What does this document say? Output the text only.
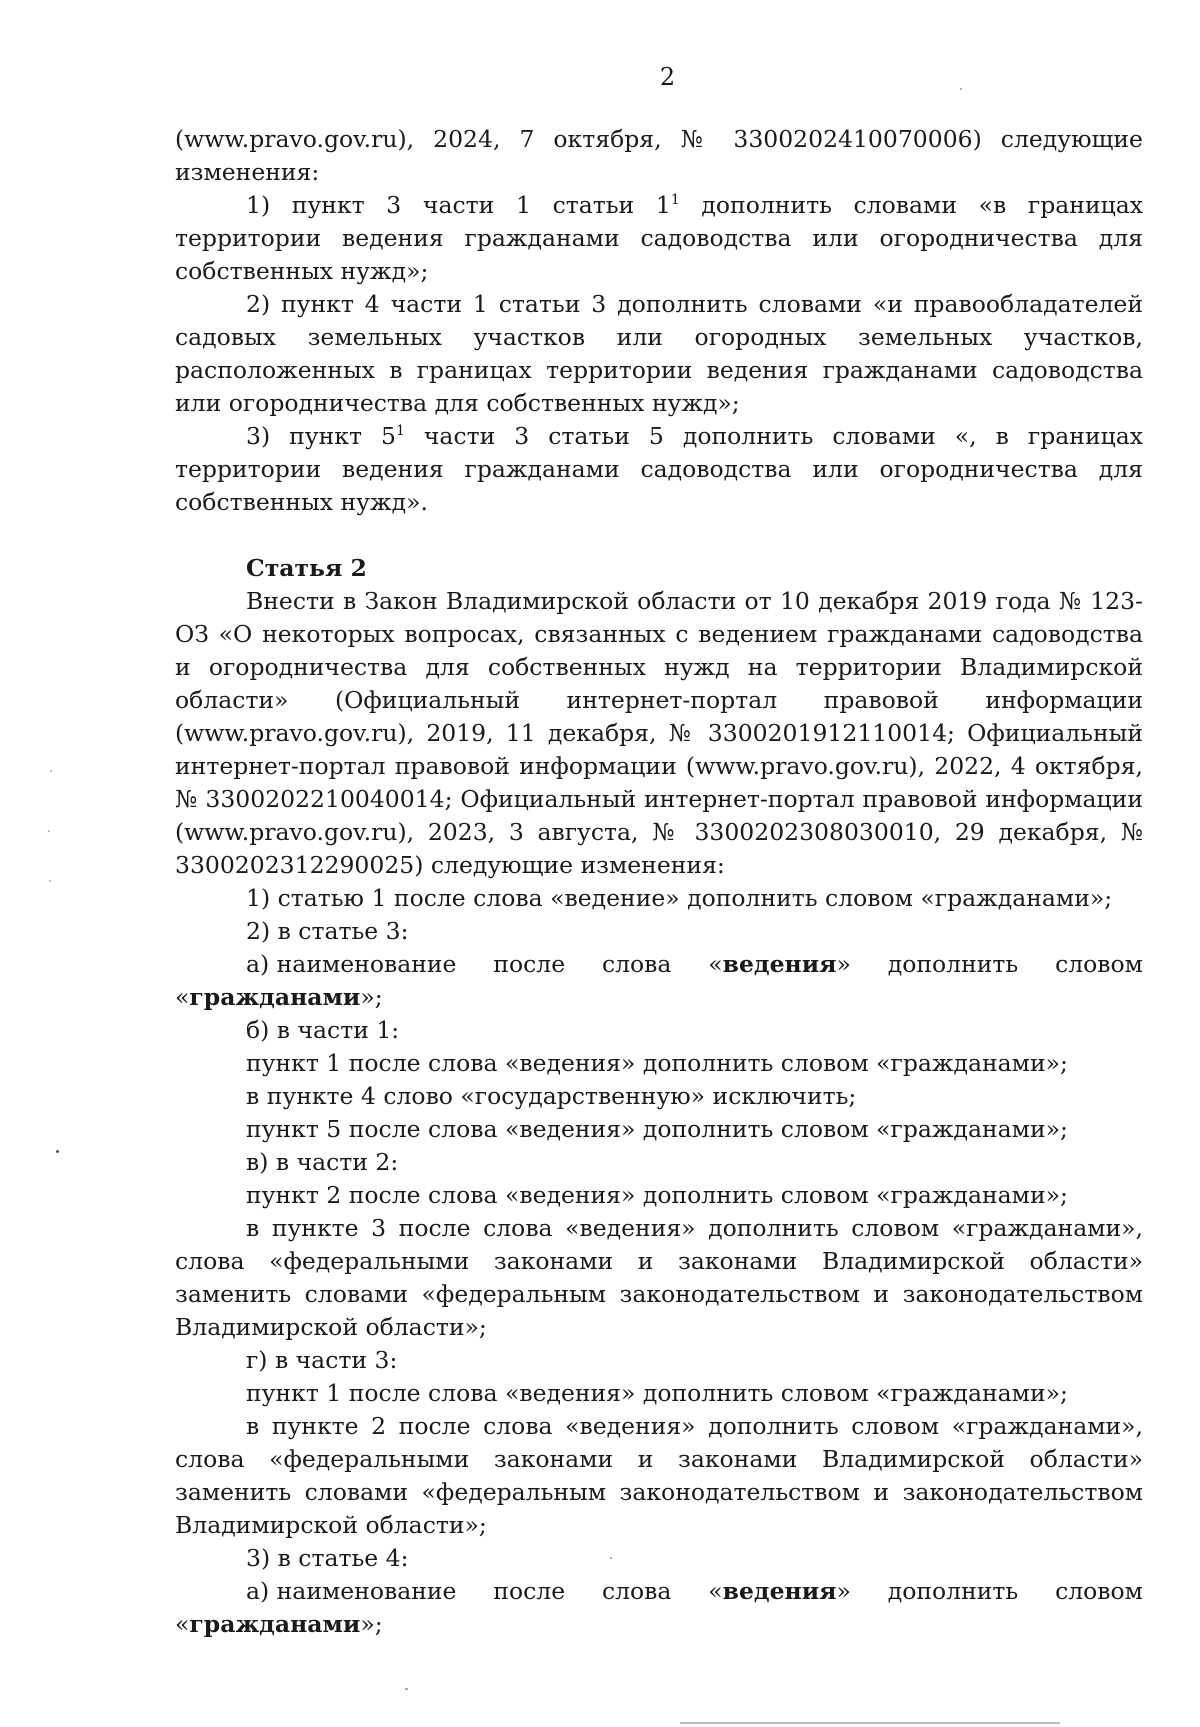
2

(www.pravo.gov.ru), 2024, 7 октября, № 3300202410070006) следующие

изменения:

1) пункт 3 части 1 статьи $1^1$ дополнить словами «в границах территории ведения гражданами садоводства или огородничества для собственных нужд»;

2) пункт 4 части 1 статьи 3 дополнить словами «и правообладателей садовых земельных участков или огородных земельных участков, расположенных в границах территории ведения гражданами садоводства или огородничества для собственных нужд»;

3) пункт $5^1$ части 3 статьи 5 дополнить словами «, в границах территории ведения гражданами садоводства или огородничества для собственных нужд».

Статья 2

Внести в Закон Владимирской области от 10 декабря 2019 года № 123-ОЗ «О некоторых вопросах, связанных с ведением гражданами садоводства и огородничества для собственных нужд на территории Владимирской области» (Официальный интернет-портал правовой информации (www.pravo.gov.ru), 2019, 11 декабря, № 3300201912110014; Официальный интернет-портал правовой информации (www.pravo.gov.ru), 2022, 4 октября, № 3300202210040014; Официальный интернет-портал правовой информации (www.pravo.gov.ru), 2023, 3 августа, № 3300202308030010, 29 декабря, № 3300202312290025) следующие изменения:

1) статью 1 после слова «ведение» дополнить словом «гражданами»;

2) в статье 3:

а) наименование после слова «ведения» дополнить словом

«гражданами»;

б) в части 1:

пункт 1 после слова «ведения» дополнить словом «гражданами»;

в пункте 4 слово «государственную» исключить;

пункт 5 после слова «ведения» дополнить словом «гражданами»;

в) в части 2:

пункт 2 после слова «ведения» дополнить словом «гражданами»;

в пункте 3 после слова «ведения» дополнить словом «гражданами», слова «федеральными законами и законами Владимирской области» заменить словами «федеральным законодательством и законодательством Владимирской области»;

г) в части 3:

пункт 1 после слова «ведения» дополнить словом «гражданами»;

в пункте 2 после слова «ведения» дополнить словом «гражданами», слова «федеральными законами и законами Владимирской области» заменить словами «федеральным законодательством и законодательством Владимирской области»;

3) в статье 4:

а) наименование после слова «ведения» дополнить словом

«гражданами»;
